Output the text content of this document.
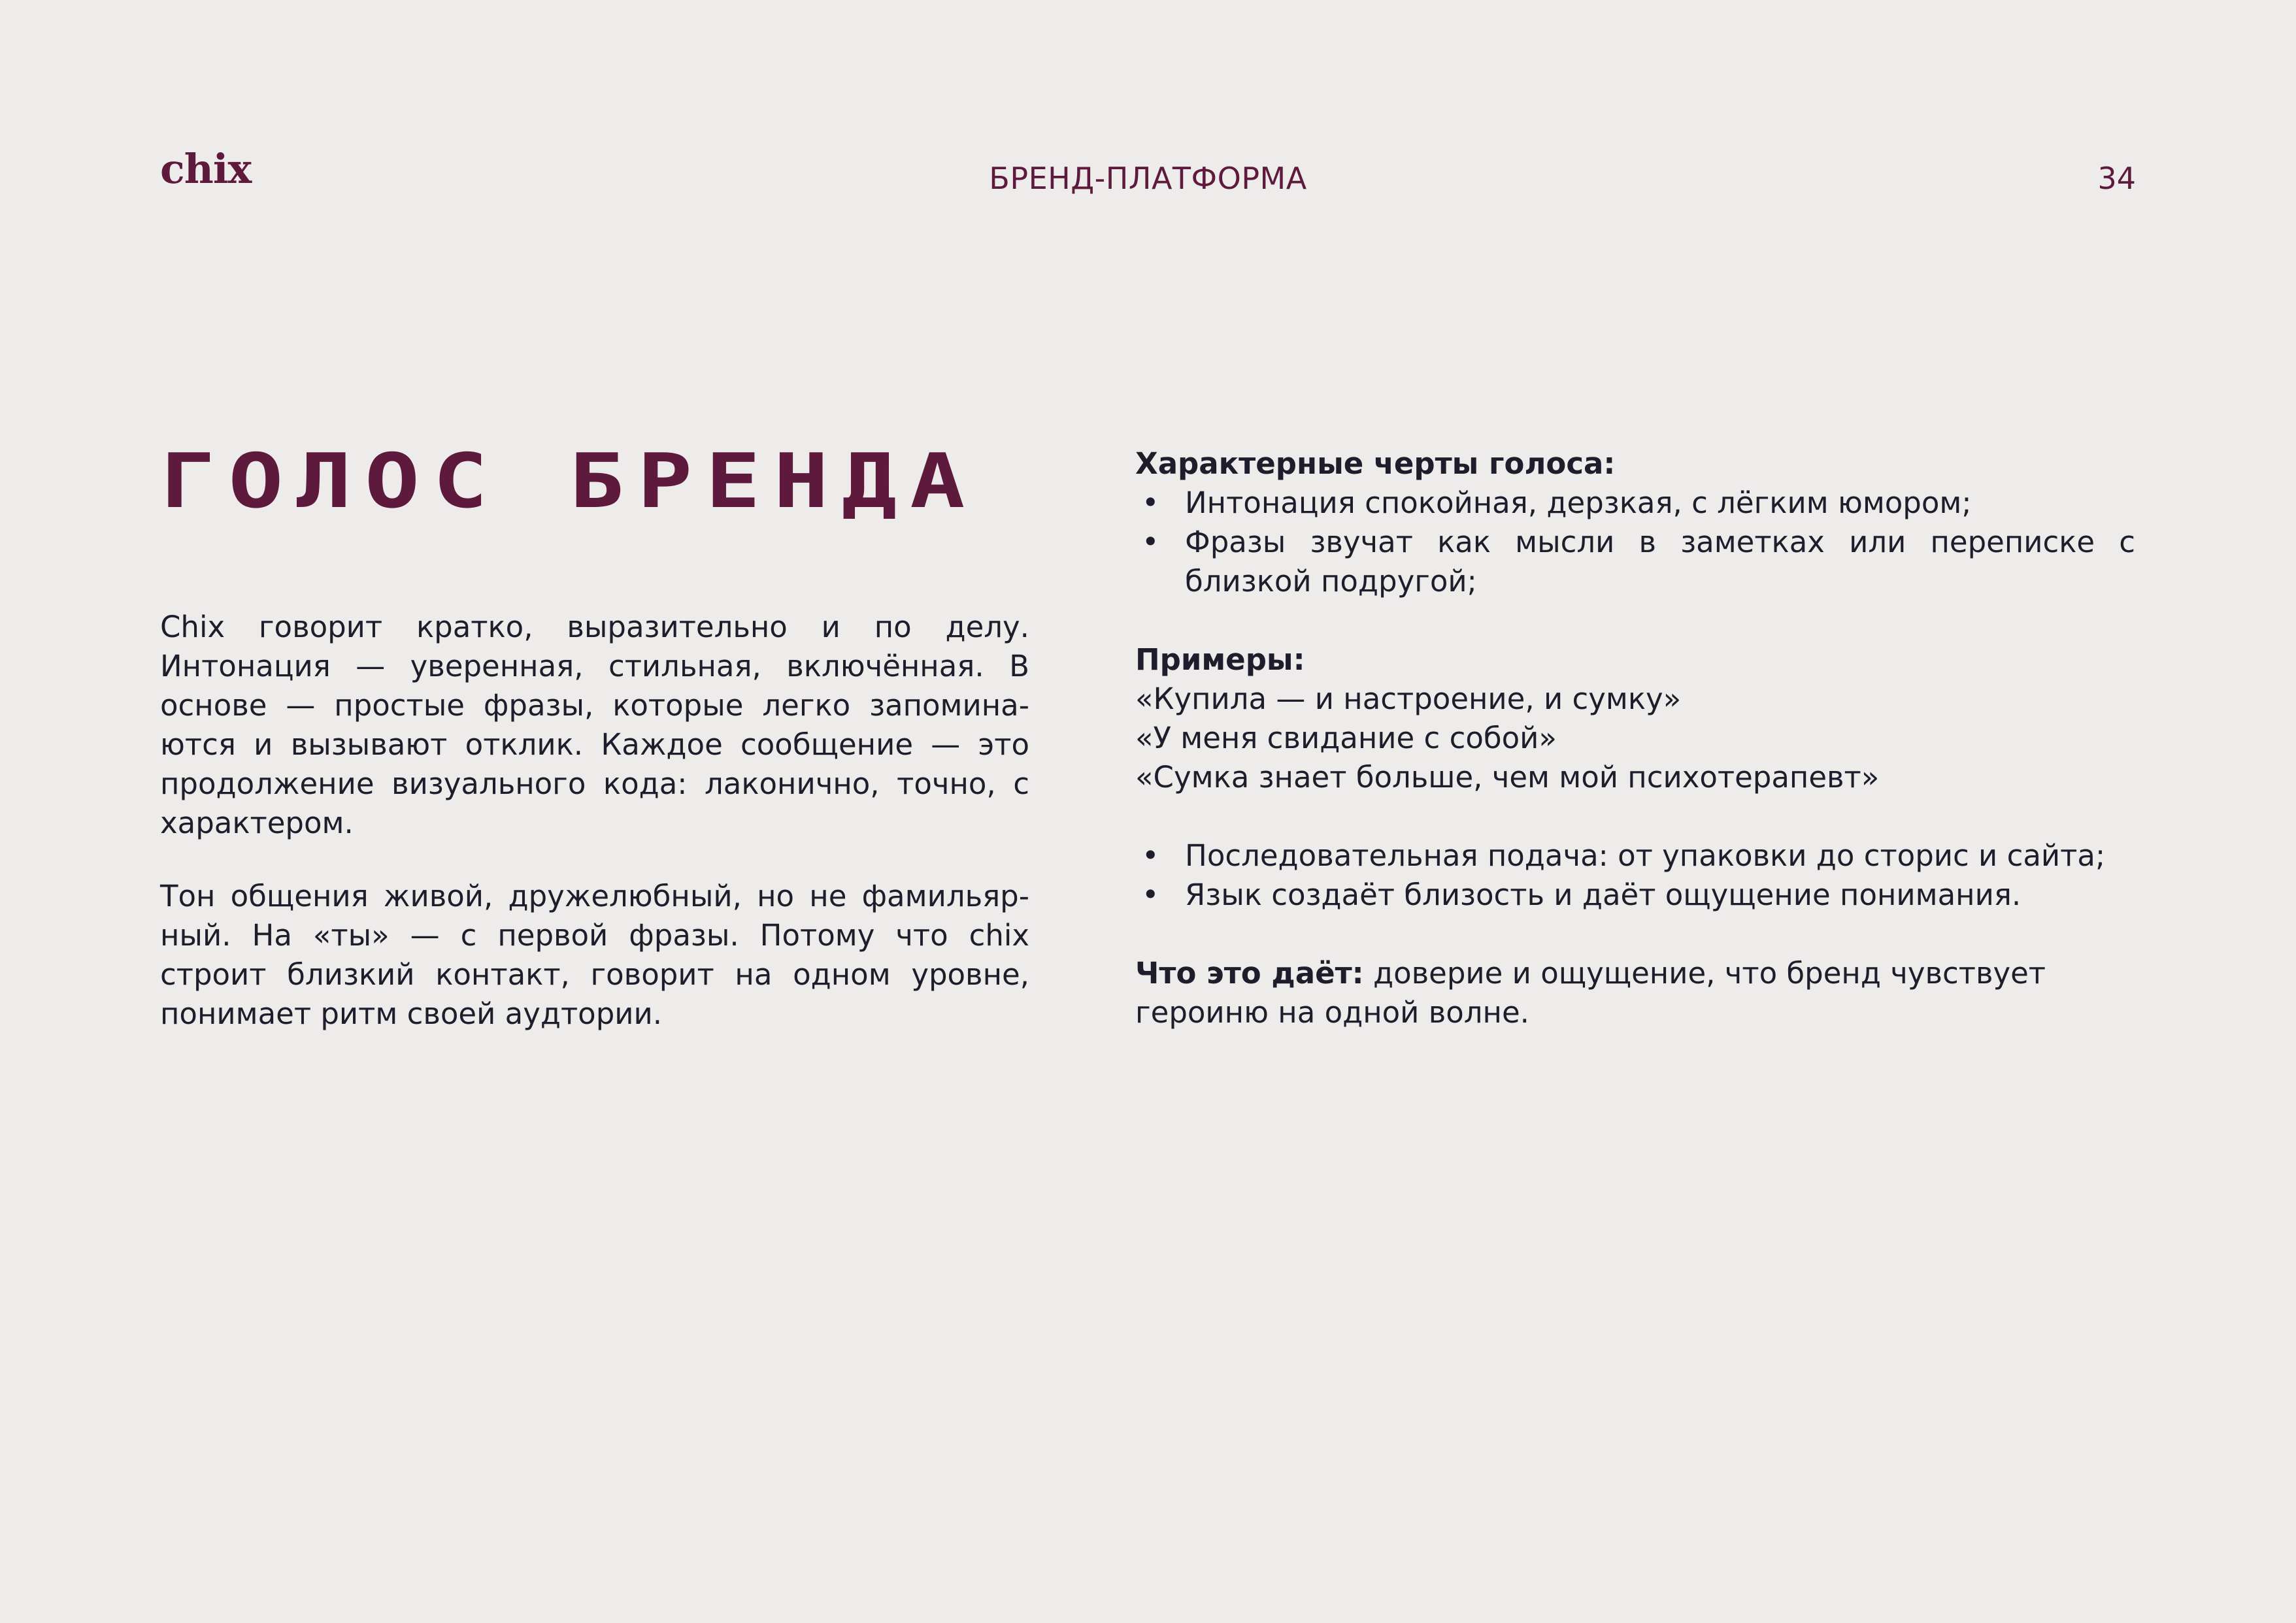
chix	БРЕНД-ПЛАТФОРМА	34
ГОЛОС БРЕНДА

Chix говорит кратко, выразительно и по делу. Интонация — уверенная, стильная, включённая. В основе — простые фразы, которые легко запоминаются и вызывают отклик. Каждое сообщение — это продолжение визуального кода: лаконично, точно, с характером.

Тон общения живой, дружелюбный, но не фамильярный. На «ты» — с первой фразы. Потому что chix строит близкий контакт, говорит на одном уровне, понимает ритм своей аудтории.

Характерные черты голоса:

• Интонация спокойная, дерзкая, с лёгким юмором;
• Фразы звучат как мысли в заметках или переписке с близкой подругой;

Примеры:

«Купила — и настроение, и сумку»

«У меня свидание с собой»

«Сумка знает больше, чем мой психотерапевт»

• Последовательная подача: от упаковки до сторис и сайта;
• Язык создаёт близость и даёт ощущение понимания.

Что это даёт: доверие и ощущение, что бренд чувствует героиню на одной волне.
